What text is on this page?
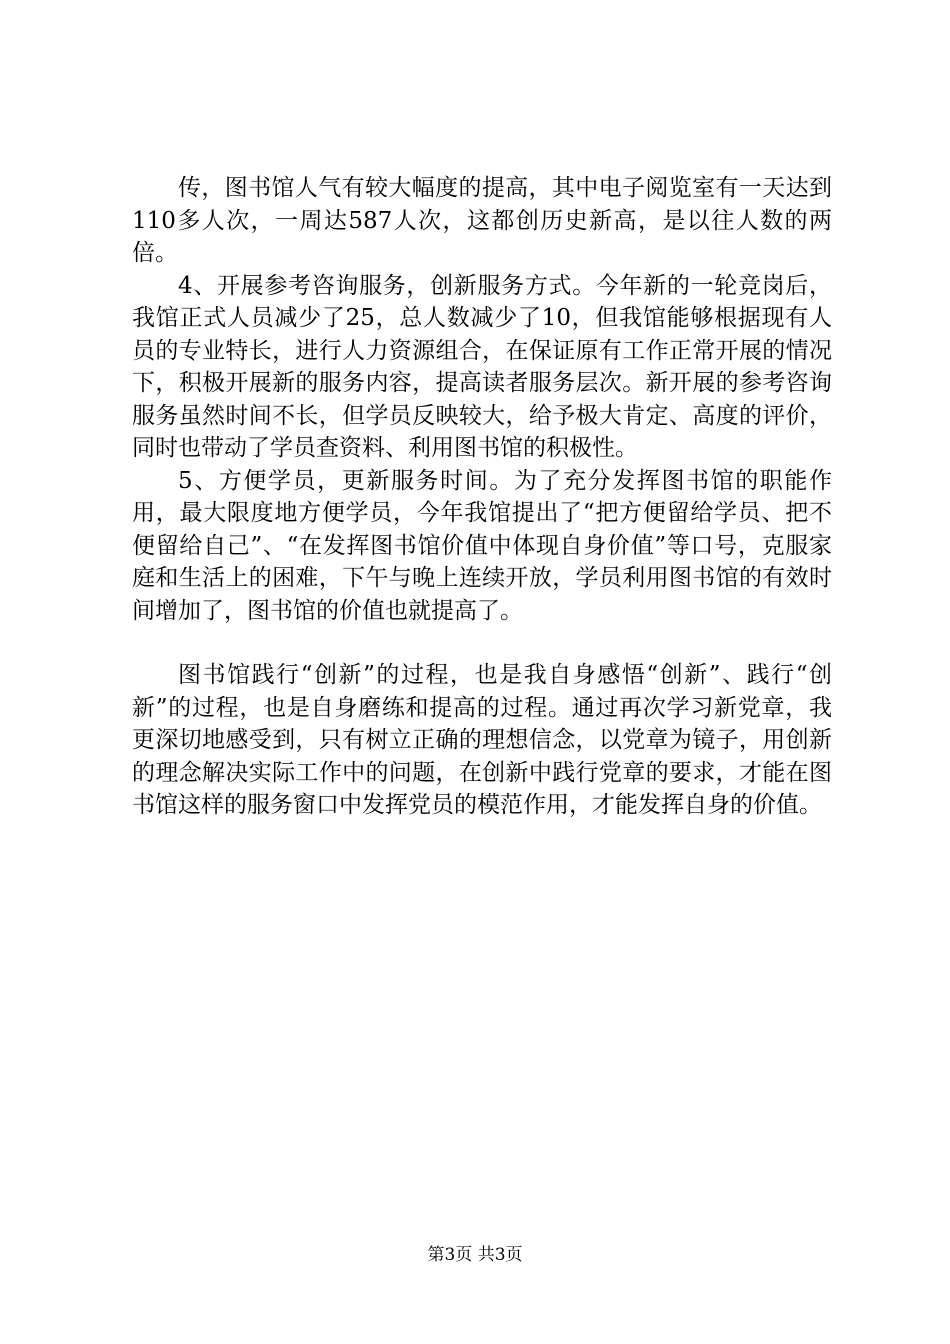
传，图书馆人气有较大幅度的提高，其中电子阅览室有一天达到110多人次，一周达587人次，这都创历史新高，是以往人数的两倍。

4、开展参考咨询服务，创新服务方式。今年新的一轮竞岗后，我馆正式人员减少了25，总人数减少了10，但我馆能够根据现有人员的专业特长，进行人力资源组合，在保证原有工作正常开展的情况下，积极开展新的服务内容，提高读者服务层次。新开展的参考咨询服务虽然时间不长，但学员反映较大，给予极大肯定、高度的评价，同时也带动了学员查资料、利用图书馆的积极性。

5、方便学员，更新服务时间。为了充分发挥图书馆的职能作用，最大限度地方便学员，今年我馆提出了“把方便留给学员、把不便留给自己”、“在发挥图书馆价值中体现自身价值”等口号，克服家庭和生活上的困难，下午与晚上连续开放，学员利用图书馆的有效时间增加了，图书馆的价值也就提高了。

图书馆践行“创新”的过程，也是我自身感悟“创新”、践行“创新”的过程，也是自身磨练和提高的过程。通过再次学习新党章，我更深切地感受到，只有树立正确的理想信念，以党章为镜子，用创新的理念解决实际工作中的问题，在创新中践行党章的要求，才能在图书馆这样的服务窗口中发挥党员的模范作用，才能发挥自身的价值。

第3页 共3页
